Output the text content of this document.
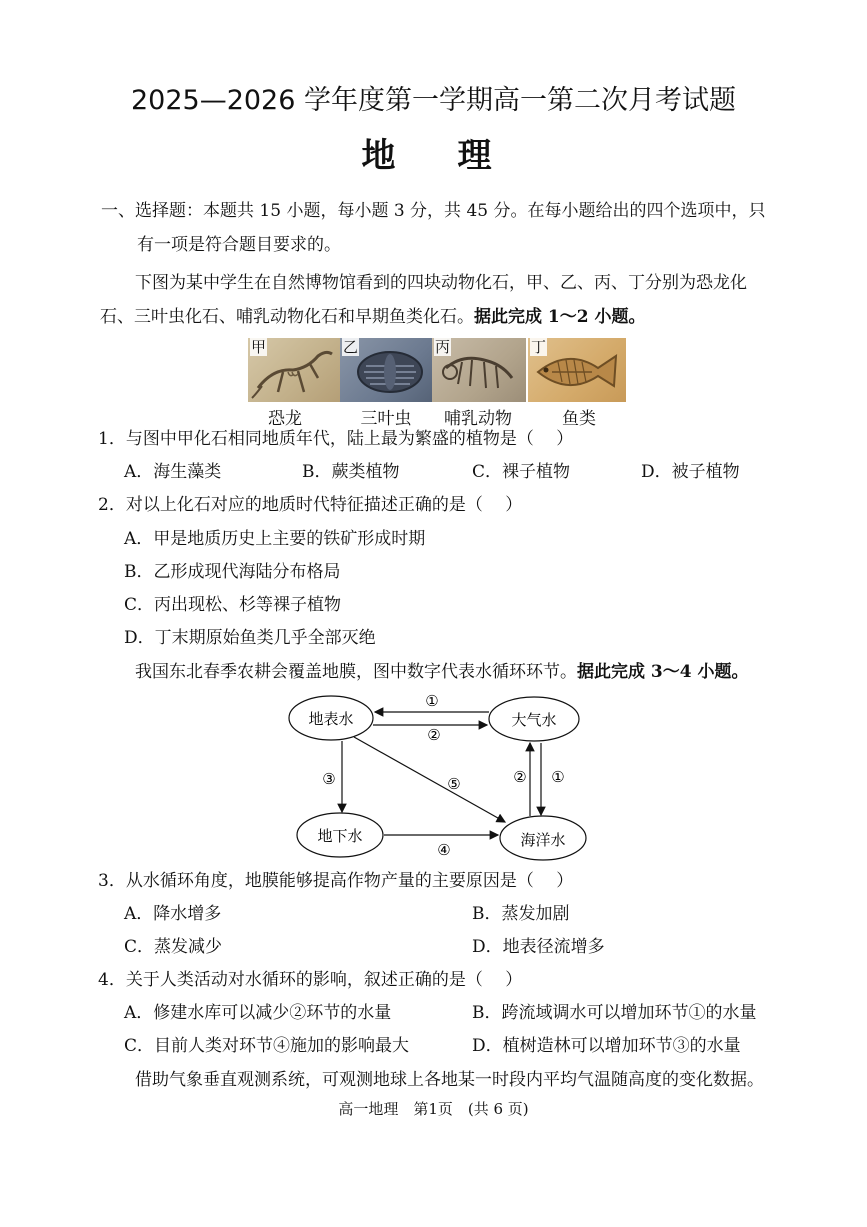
2025—2026 学年度第一学期高一第二次月考试题
地　理
一、选择题：本题共 15 小题，每小题 3 分，共 45 分。在每小题给出的四个选项中，只
有一项是符合题目要求的。
下图为某中学生在自然博物馆看到的四块动物化石，甲、乙、丙、丁分别为恐龙化
石、三叶虫化石、哺乳动物化石和早期鱼类化石。据此完成 1～2 小题。
甲	乙	丙	丁
恐龙	三叶虫	哺乳动物	鱼类
1．与图中甲化石相同地质年代，陆上最为繁盛的植物是（　 ）
A．海生藻类	B．蕨类植物	C．裸子植物	D．被子植物
2．对以上化石对应的地质时代特征描述正确的是（　 ）
A．甲是地质历史上主要的铁矿形成时期
B．乙形成现代海陆分布格局
C．丙出现松、杉等裸子植物
D．丁末期原始鱼类几乎全部灭绝
我国东北春季农耕会覆盖地膜，图中数字代表水循环环节。据此完成 3～4 小题。
地表水	大气水
地下水	海洋水
①
②
③
④
⑤	② ①
3．从水循环角度，地膜能够提高作物产量的主要原因是（　 ）
A．降水增多	B．蒸发加剧
C．蒸发减少	D．地表径流增多
4．关于人类活动对水循环的影响，叙述正确的是（　 ）
A．修建水库可以减少②环节的水量	B．跨流域调水可以增加环节①的水量
C．目前人类对环节④施加的影响最大	D．植树造林可以增加环节③的水量
借助气象垂直观测系统，可观测地球上各地某一时段内平均气温随高度的变化数据。
高一地理　第1页　(共 6 页)
